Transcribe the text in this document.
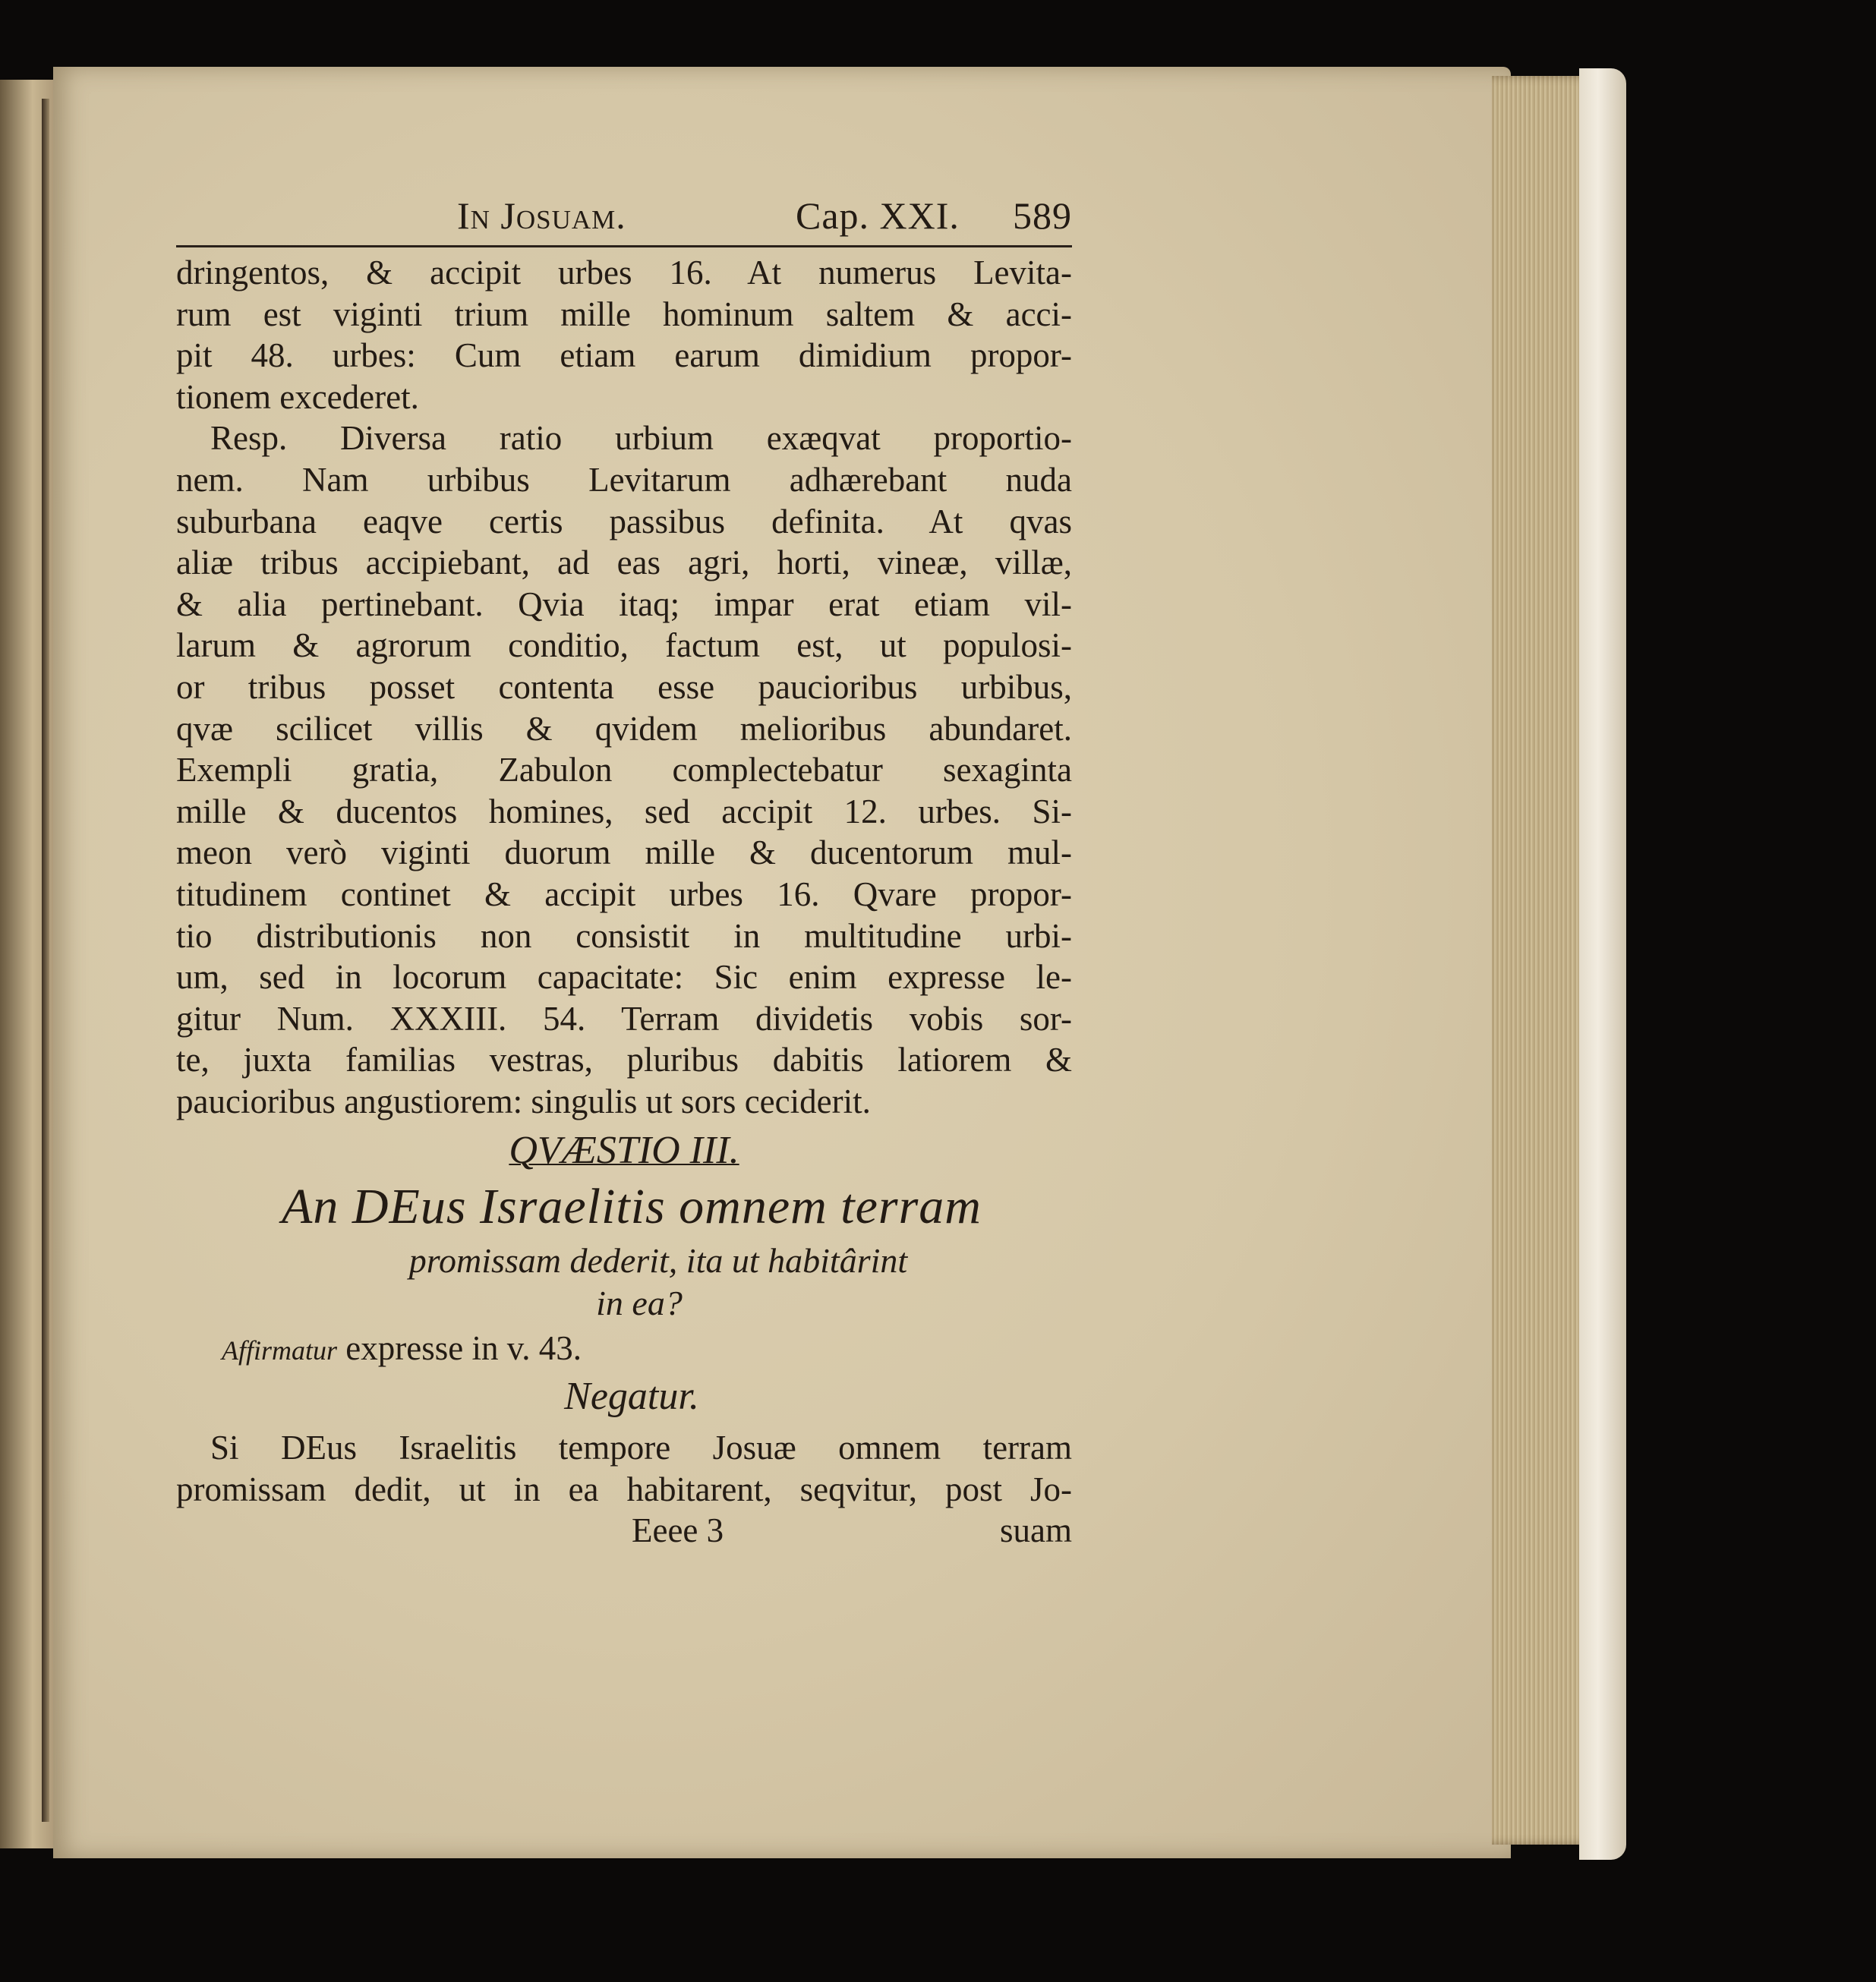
In Josuam.	Cap. XXI. 589
dringentos, & accipit urbes 16. At numerus Levita-
rum est viginti trium mille hominum saltem & acci-
pit 48. urbes: Cum etiam earum dimidium propor-
tionem excederet.
Resp. Diversa ratio urbium exæqvat proportio-
nem. Nam urbibus Levitarum adhærebant nuda
suburbana eaqve certis passibus definita. At qvas
aliæ tribus accipiebant, ad eas agri, horti, vineæ, villæ,
& alia pertinebant. Qvia itaq; impar erat etiam vil-
larum & agrorum conditio, factum est, ut populosi-
or tribus posset contenta esse paucioribus urbibus,
qvæ scilicet villis & qvidem melioribus abundaret.
Exempli gratia, Zabulon complectebatur sexaginta
mille & ducentos homines, sed accipit 12. urbes. Si-
meon verò viginti duorum mille & ducentorum mul-
titudinem continet & accipit urbes 16. Qvare propor-
tio distributionis non consistit in multitudine urbi-
um, sed in locorum capacitate: Sic enim expresse le-
gitur Num. XXXIII. 54. Terram dividetis vobis sor-
te, juxta familias vestras, pluribus dabitis latiorem &
paucioribus angustiorem: singulis ut sors ceciderit.
QVÆSTIO III.
An DEus Israelitis omnem terram
promissam dederit, ita ut habitârint
in ea?
Affirmatur expresse in v. 43.
Negatur.
Si DEus Israelitis tempore Josuæ omnem terram
promissam dedit, ut in ea habitarent, seqvitur, post Jo-
Eeee 3	suam
